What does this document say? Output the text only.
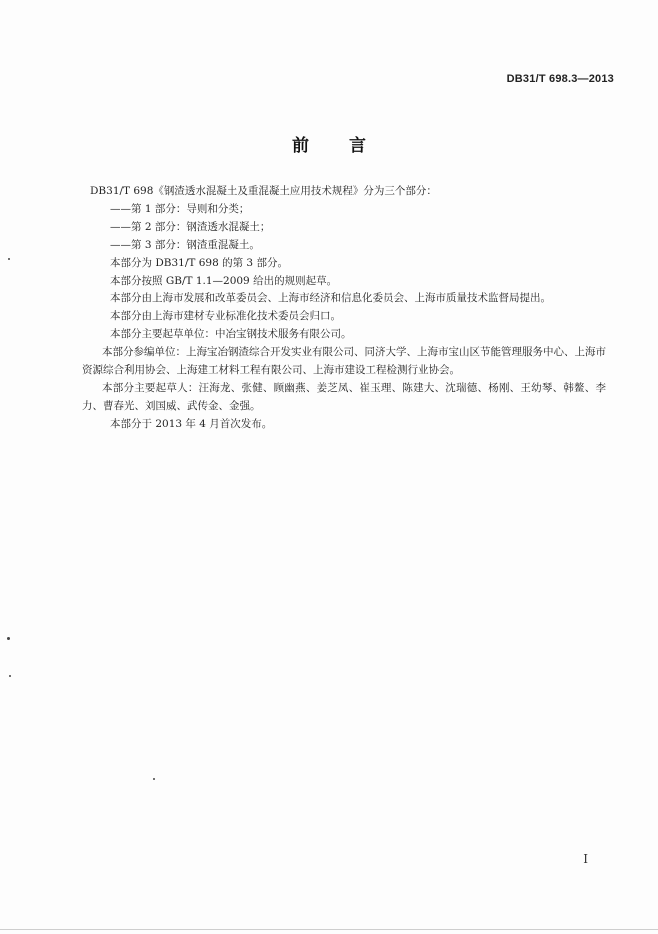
DB31/T 698.3—2013
前 言

DB31/T 698《钢渣透水混凝土及重混凝土应用技术规程》分为三个部分：

——第 1 部分：导则和分类；

——第 2 部分：钢渣透水混凝土；

——第 3 部分：钢渣重混凝土。

本部分为 DB31/T 698 的第 3 部分。

本部分按照 GB/T 1.1—2009 给出的规则起草。

本部分由上海市发展和改革委员会、上海市经济和信息化委员会、上海市质量技术监督局提出。

本部分由上海市建材专业标准化技术委员会归口。

本部分主要起草单位：中冶宝钢技术服务有限公司。

本部分参编单位：上海宝冶钢渣综合开发实业有限公司、同济大学、上海市宝山区节能管理服务中心、上海市资源综合利用协会、上海建工材料工程有限公司、上海市建设工程检测行业协会。

本部分主要起草人：汪海龙、张健、顾幽燕、姜芝凤、崔玉理、陈建大、沈瑞德、杨刚、王幼琴、韩鳌、李力、曹春光、刘国威、武传金、金强。

本部分于 2013 年 4 月首次发布。

I
